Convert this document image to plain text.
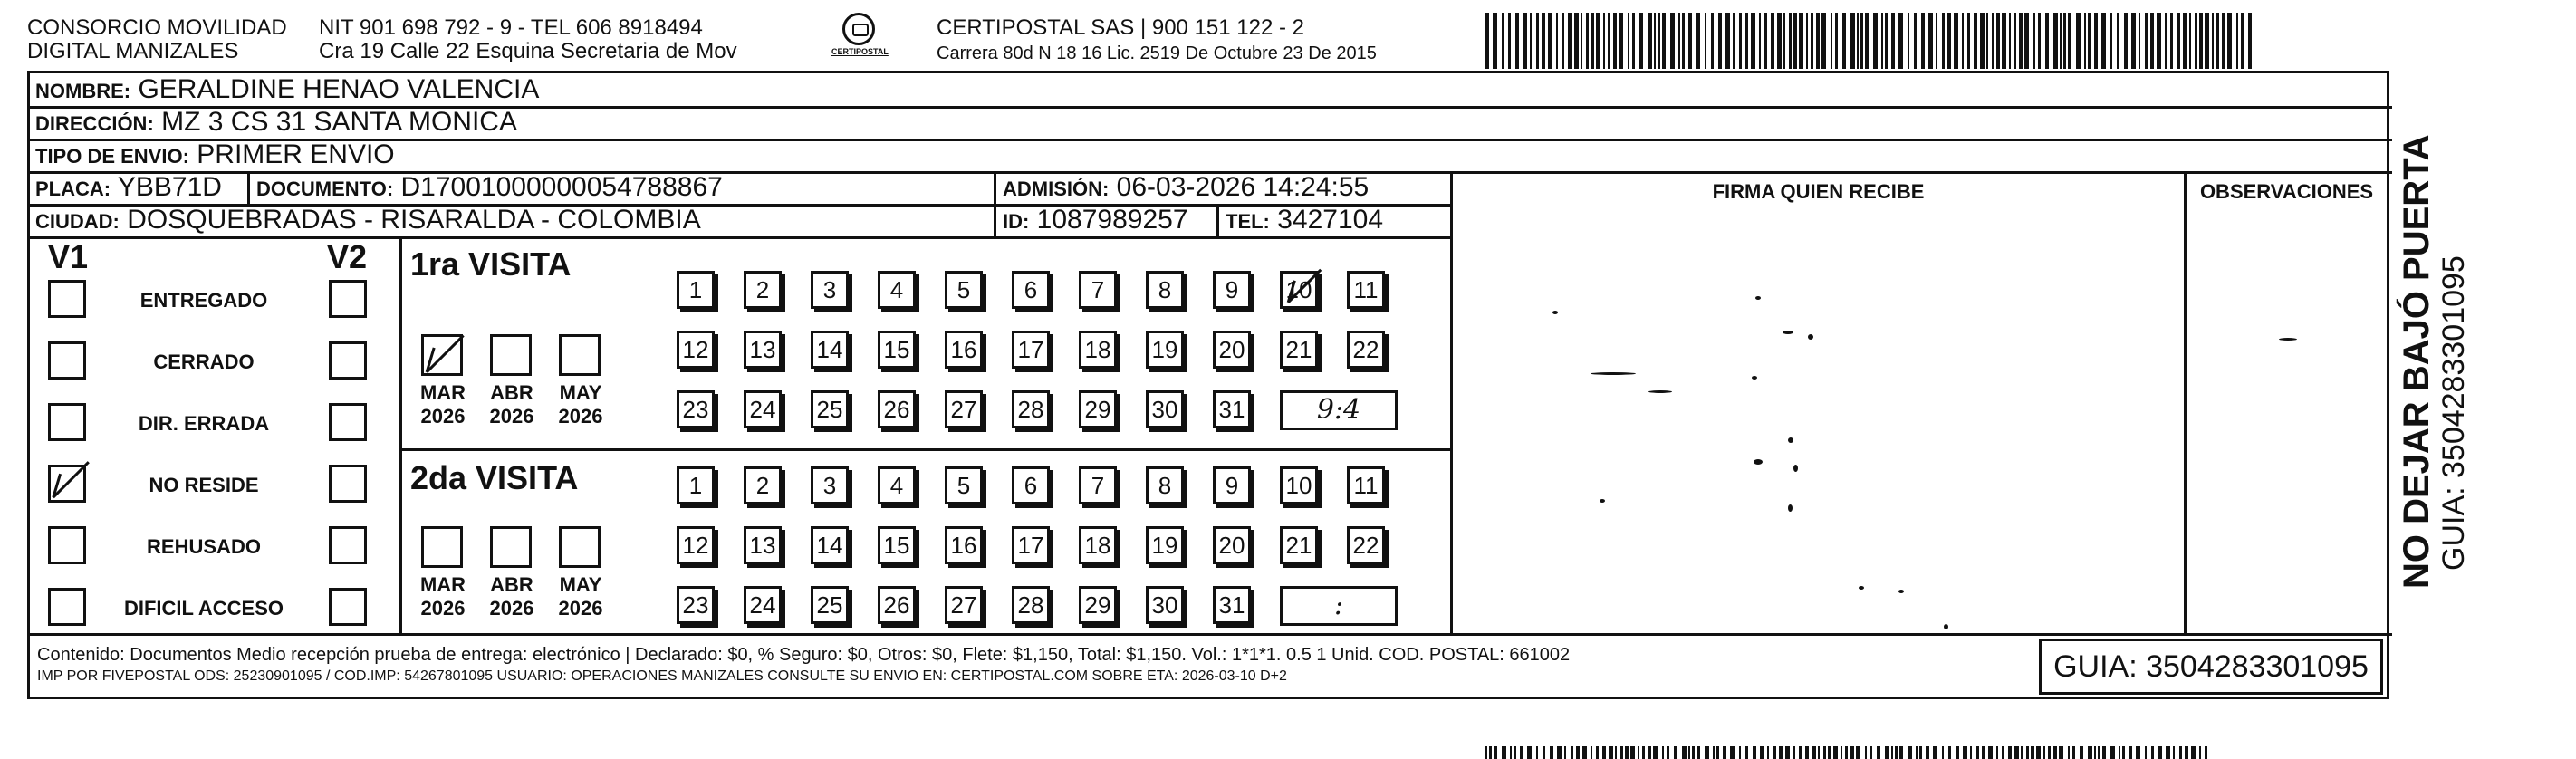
CONSORCIO MOVILIDAD
DIGITAL MANIZALES
NIT 901 698 792 - 9 - TEL 606 8918494
Cra 19 Calle 22 Esquina Secretaria de Mov	CERTIPOSTAL
CERTIPOSTAL SAS | 900 151 122 - 2
Carrera 80d N 18 16 Lic. 2519 De Octubre 23 De 2015
NOMBRE: GERALDINE HENAO VALENCIA
DIRECCIÓN: MZ 3 CS 31 SANTA MONICA
TIPO DE ENVIO: PRIMER ENVIO
PLACA: YBB71D DOCUMENTO: D17001000000054788867	ADMISIÓN: 06-03-2026 14:24:55
CIUDAD: DOSQUEBRADAS - RISARALDA - COLOMBIA	ID: 1087989257 TEL: 3427104
FIRMA QUIEN RECIBE	OBSERVACIONES
V1	V2 1ra VISITA
2da VISITA
Contenido: Documentos Medio recepción prueba de entrega: electrónico | Declarado: $0, % Seguro: $0, Otros: $0, Flete: $1,150, Total: $1,150. Vol.: 1*1*1. 0.5 1 Unid. COD. POSTAL: 661002
IMP POR FIVEPOSTAL ODS: 25230901095 / COD.IMP: 54267801095 USUARIO: OPERACIONES MANIZALES CONSULTE SU ENVIO EN: CERTIPOSTAL.COM SOBRE ETA: 2026-03-10 D+2	GUIA: 3504283301095
ENTREGADO
CERRADO
DIR. ERRADA
NO RESIDE
REHUSADO
DIFICIL ACCESO
MAR
2026
ABR
2026
MAY
2026
MAR
2026
ABR
2026
MAY
2026
1	2	3	4	5	6	7	8	9	10 11
12 13 14 15 16 17 18 19 20 21 22
23 24 25 26 27 28 29 30 31	9:4
1	2	3	4	5	6	7	8	9	10 11
12 13 14 15 16 17 18 19 20 21 22
23 24 25 26 27 28 29 30 31	:
NO DEJAR BAJÓ PUERTA GUIA: 3504283301095
